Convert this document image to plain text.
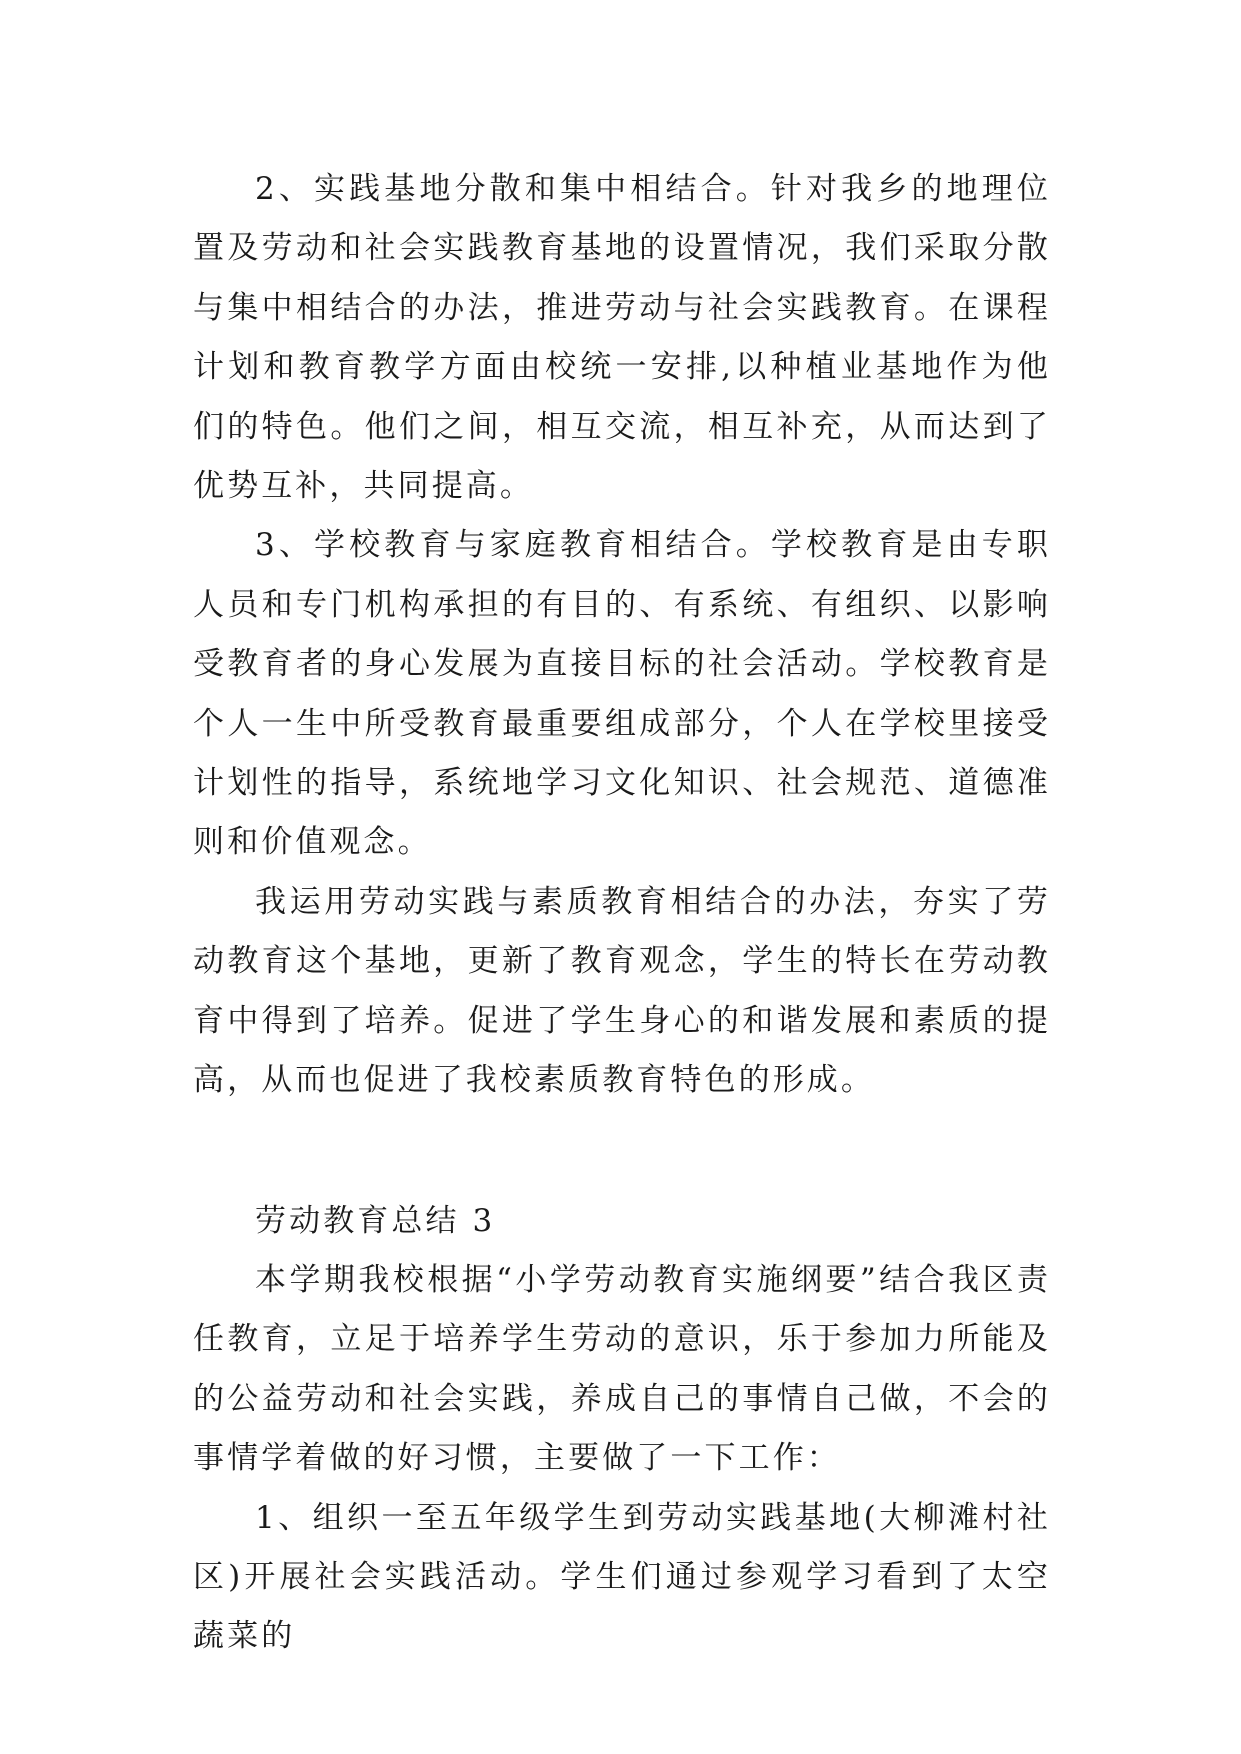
2、实践基地分散和集中相结合。针对我乡的地理位置及劳动和社会实践教育基地的设置情况，我们采取分散与集中相结合的办法，推进劳动与社会实践教育。在课程计划和教育教学方面由校统一安排,以种植业基地作为他们的特色。他们之间，相互交流，相互补充，从而达到了优势互补，共同提高。

3、学校教育与家庭教育相结合。学校教育是由专职人员和专门机构承担的有目的、有系统、有组织、以影响受教育者的身心发展为直接目标的社会活动。学校教育是个人一生中所受教育最重要组成部分，个人在学校里接受计划性的指导，系统地学习文化知识、社会规范、道德准则和价值观念。

我运用劳动实践与素质教育相结合的办法，夯实了劳动教育这个基地，更新了教育观念，学生的特长在劳动教育中得到了培养。促进了学生身心的和谐发展和素质的提高，从而也促进了我校素质教育特色的形成。

劳动教育总结 3

本学期我校根据“小学劳动教育实施纲要”结合我区责任教育，立足于培养学生劳动的意识，乐于参加力所能及的公益劳动和社会实践，养成自己的事情自己做，不会的事情学着做的好习惯，主要做了一下工作：

1、组织一至五年级学生到劳动实践基地(大柳滩村社区)开展社会实践活动。学生们通过参观学习看到了太空蔬菜的
